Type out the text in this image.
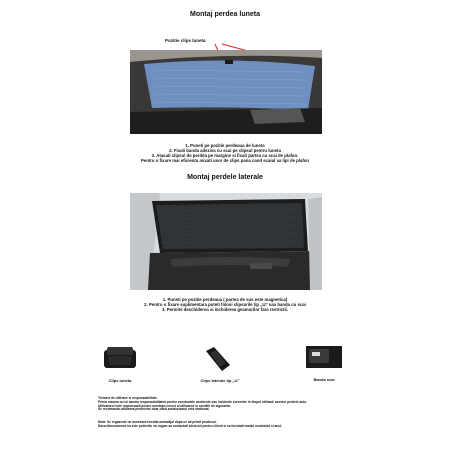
Montaj perdea luneta
Pozitie clips luneta
1. Puneti pe pozitie perdeaua de luneta
2. Fixati banda adeziva cu scai pe clipsul pentru luneta
3. Atasati clipsul de perdea pe margine si fixati partea cu scai de plafon.
Pentru o fixare mai eficienta mixati usor de clips pana cand scaiul va lipi de plafon
Montaj perdele laterale
1. Puneti pe pozitie perdeaua ( partea de sus este magnetica)
2. Pentru o fixare suplimentara puteti folosi clipsurile tip „U” sau banda cu scai
3. Permite deschiderea si inchiderea geamurilor fara restrictii.
Clips luneta	Clips laterale tip „U”	Banda scai
Termeni de utilizare si responsabilitate.
Prima masina nu isi asuma responsabilitatea pentru eventualele accidente sau incidente survenite in timpul utilizarii acestor perdele auto.
Utilizatorul este responsabil pentru montajul corect si utilizarea in conditii de siguranta.
Se recomanda utilizarea perdelelor doar cand autoturismul este stationat.
Nota: Se regaseste ne anexeaza imediat ambalajul dupa ce ati primit produsul.
Daca dimensiunea nu este potrivita, va rugam sa contactati serviciul pentru clienti si sa furnizati modul modelului si anul.
